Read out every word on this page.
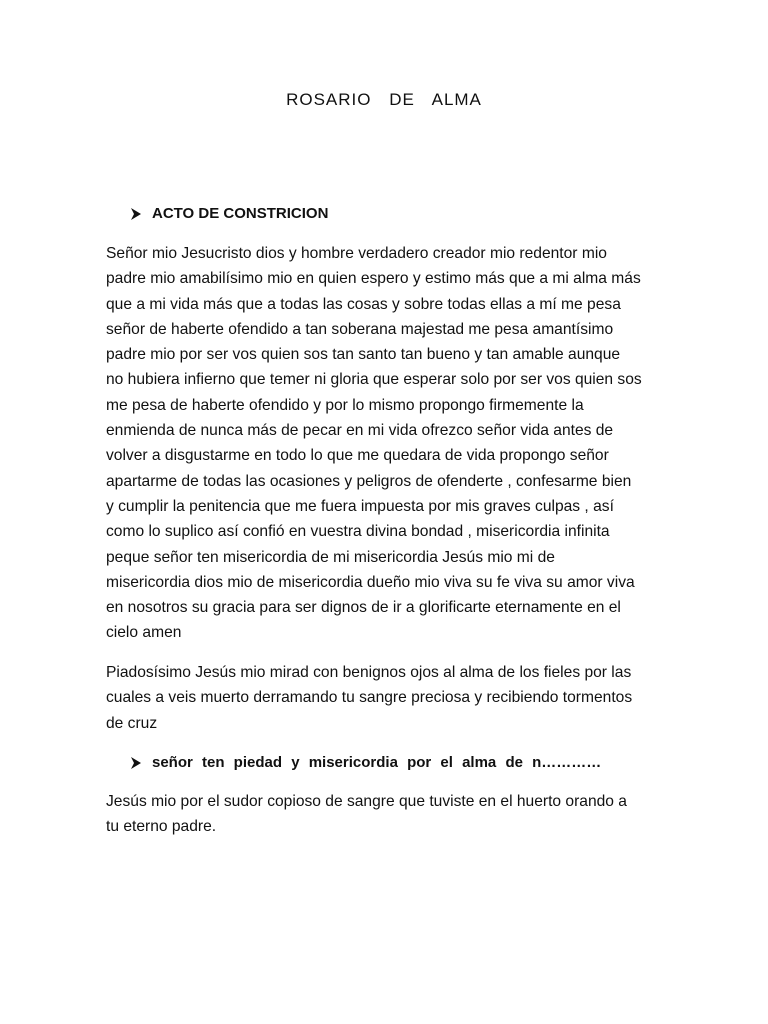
ROSARIO DE ALMA
ACTO DE CONSTRICION

Señor mio Jesucristo dios y hombre verdadero creador mio redentor mio
padre mio amabilísimo mio en quien espero y estimo más que a mi alma más
que a mi vida más que a todas las cosas y sobre todas ellas a mí me pesa
señor de haberte ofendido a tan soberana majestad me pesa amantísimo
padre mio por ser vos quien sos tan santo tan bueno y tan amable aunque
no hubiera infierno que temer ni gloria que esperar solo por ser vos quien sos
me pesa de haberte ofendido y por lo mismo propongo firmemente la
enmienda de nunca más de pecar en mi vida ofrezco señor vida antes de
volver a disgustarme en todo lo que me quedara de vida propongo señor
apartarme de todas las ocasiones y peligros de ofenderte , confesarme bien
y cumplir la penitencia que me fuera impuesta por mis graves culpas , así
como lo suplico así confió en vuestra divina bondad , misericordia infinita
peque señor ten misericordia de mi misericordia Jesús mio mi de
misericordia dios mio de misericordia dueño mio viva su fe viva su amor viva
en nosotros su gracia para ser dignos de ir a glorificarte eternamente en el
cielo amen

Piadosísimo Jesús mio mirad con benignos ojos al alma de los fieles por las
cuales a veis muerto derramando tu sangre preciosa y recibiendo tormentos
de cruz

señor ten piedad y misericordia por el alma de n…………

Jesús mio por el sudor copioso de sangre que tuviste en el huerto orando a
tu eterno padre.
